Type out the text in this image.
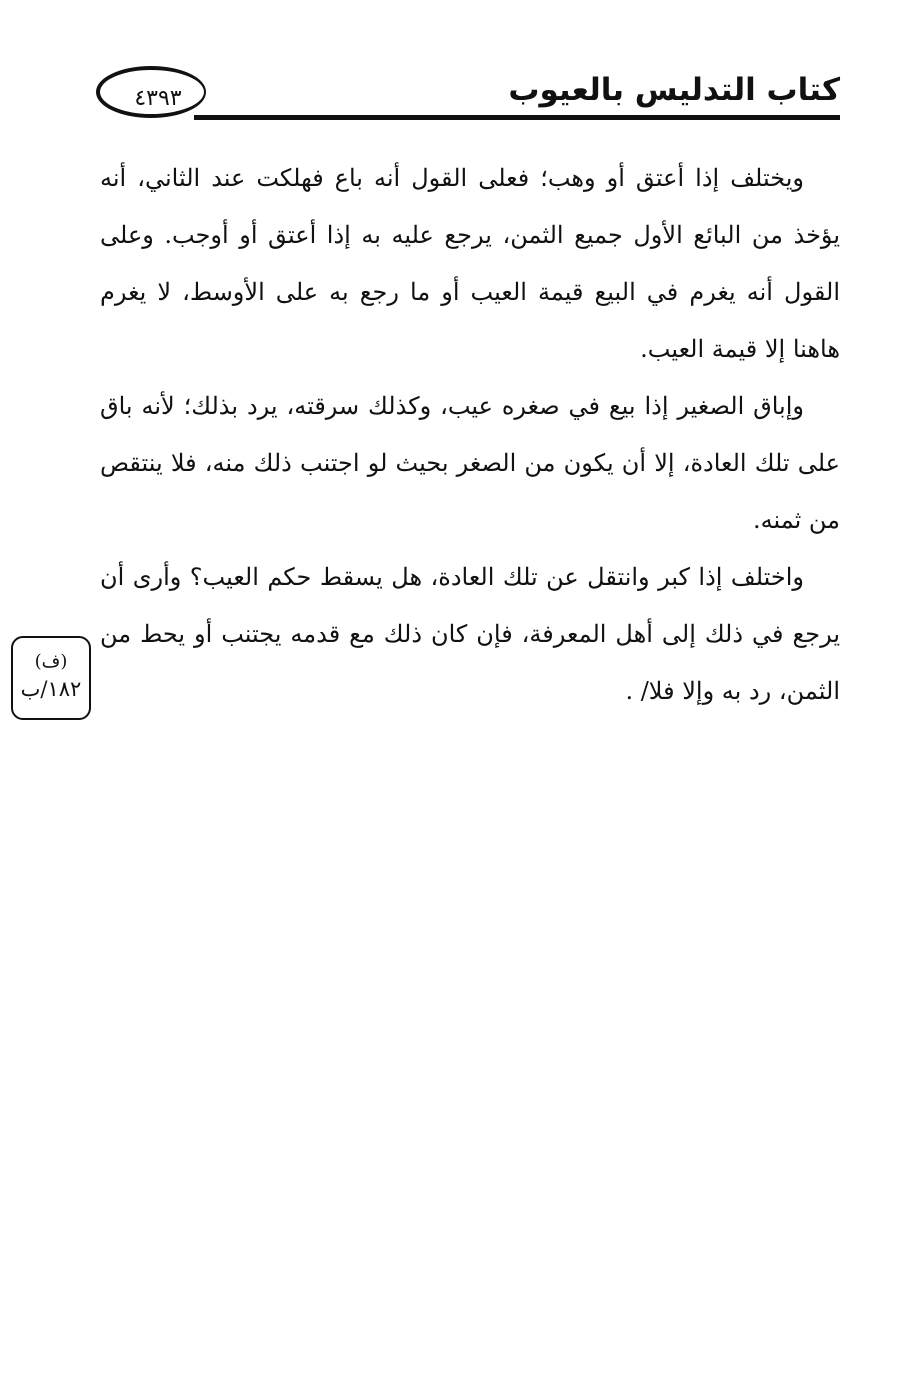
٤٣٩٣	كتاب التدليس بالعيوب

ويختلف إذا أعتق أو وهب؛ فعلى القول أنه باع فهلكت عند الثاني، أنه يؤخذ من البائع الأول جميع الثمن، يرجع عليه به إذا أعتق أو أوجب. وعلى القول أنه يغرم في البيع قيمة العيب أو ما رجع به على الأوسط، لا يغرم هاهنا إلا قيمة العيب.

وإباق الصغير إذا بيع في صغره عيب، وكذلك سرقته، يرد بذلك؛ لأنه باق على تلك العادة، إلا أن يكون من الصغر بحيث لو اجتنب ذلك منه، فلا ينتقص من ثمنه.

واختلف إذا كبر وانتقل عن تلك العادة، هل يسقط حكم العيب؟ وأرى أن يرجع في ذلك إلى أهل المعرفة، فإن كان ذلك مع قدمه يجتنب أو يحط من الثمن، رد به وإلا فلا/ .

(ف)
١٨٢/ب
